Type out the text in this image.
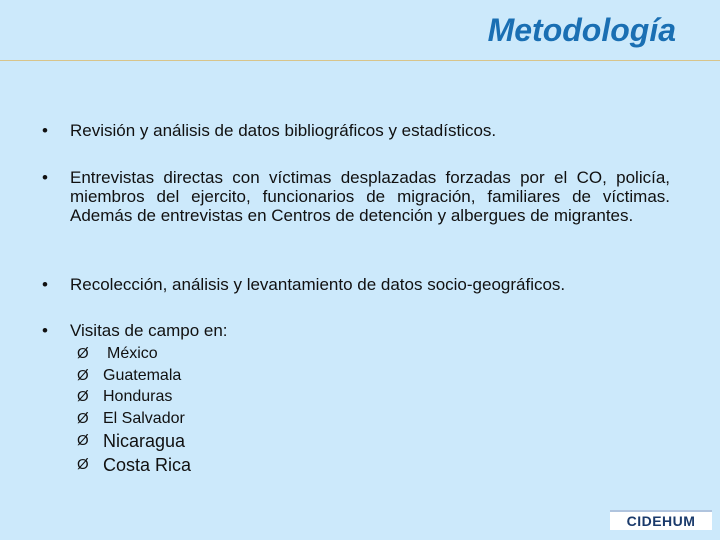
Metodología
•	Revisión y análisis de datos bibliográficos y estadísticos.
•	Entrevistas directas con víctimas desplazadas forzadas por el CO, policía, miembros del ejercito, funcionarios de migración, familiares de víctimas. Además de entrevistas en Centros de detención y albergues de migrantes.
•	Recolección, análisis y levantamiento de datos socio-geográficos.
•	Visitas de campo en:
Ø	México
Ø Guatemala
Ø Honduras
Ø El Salvador
Ø Nicaragua
Ø Costa Rica
CIDEHUM
